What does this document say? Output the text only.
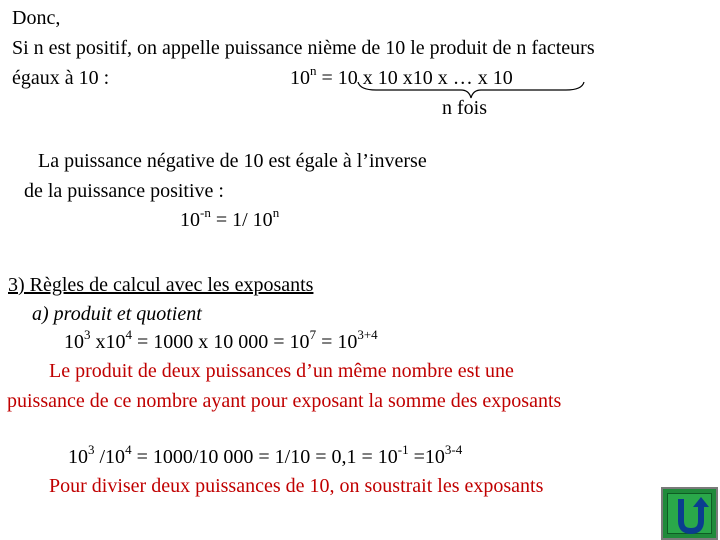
Donc,
Si n est positif, on appelle puissance nième de 10 le produit de n facteurs
égaux à 10 :	$10^n = 10$ x 10 x10 x … x 10
n fois
La puissance négative de 10 est égale à l’inverse
de la puissance positive :
$10^{-n} = 1/$ 10$^n$
3) Règles de calcul avec les exposants
a) produit et quotient
$10^3$ $x10^4 = 1000$ x 10 $000 = 10^7 = 10^{3+4}$
Le produit de deux puissances d’un même nombre est une
puissance de ce nombre ayant pour exposant la somme des exposants
$10^3$ $/10^4 = 1000/10$ $000 = 1/10 = 0,1 = 10^{-1} =10^{3-4}$
Pour diviser deux puissances de 10, on soustrait les exposants
